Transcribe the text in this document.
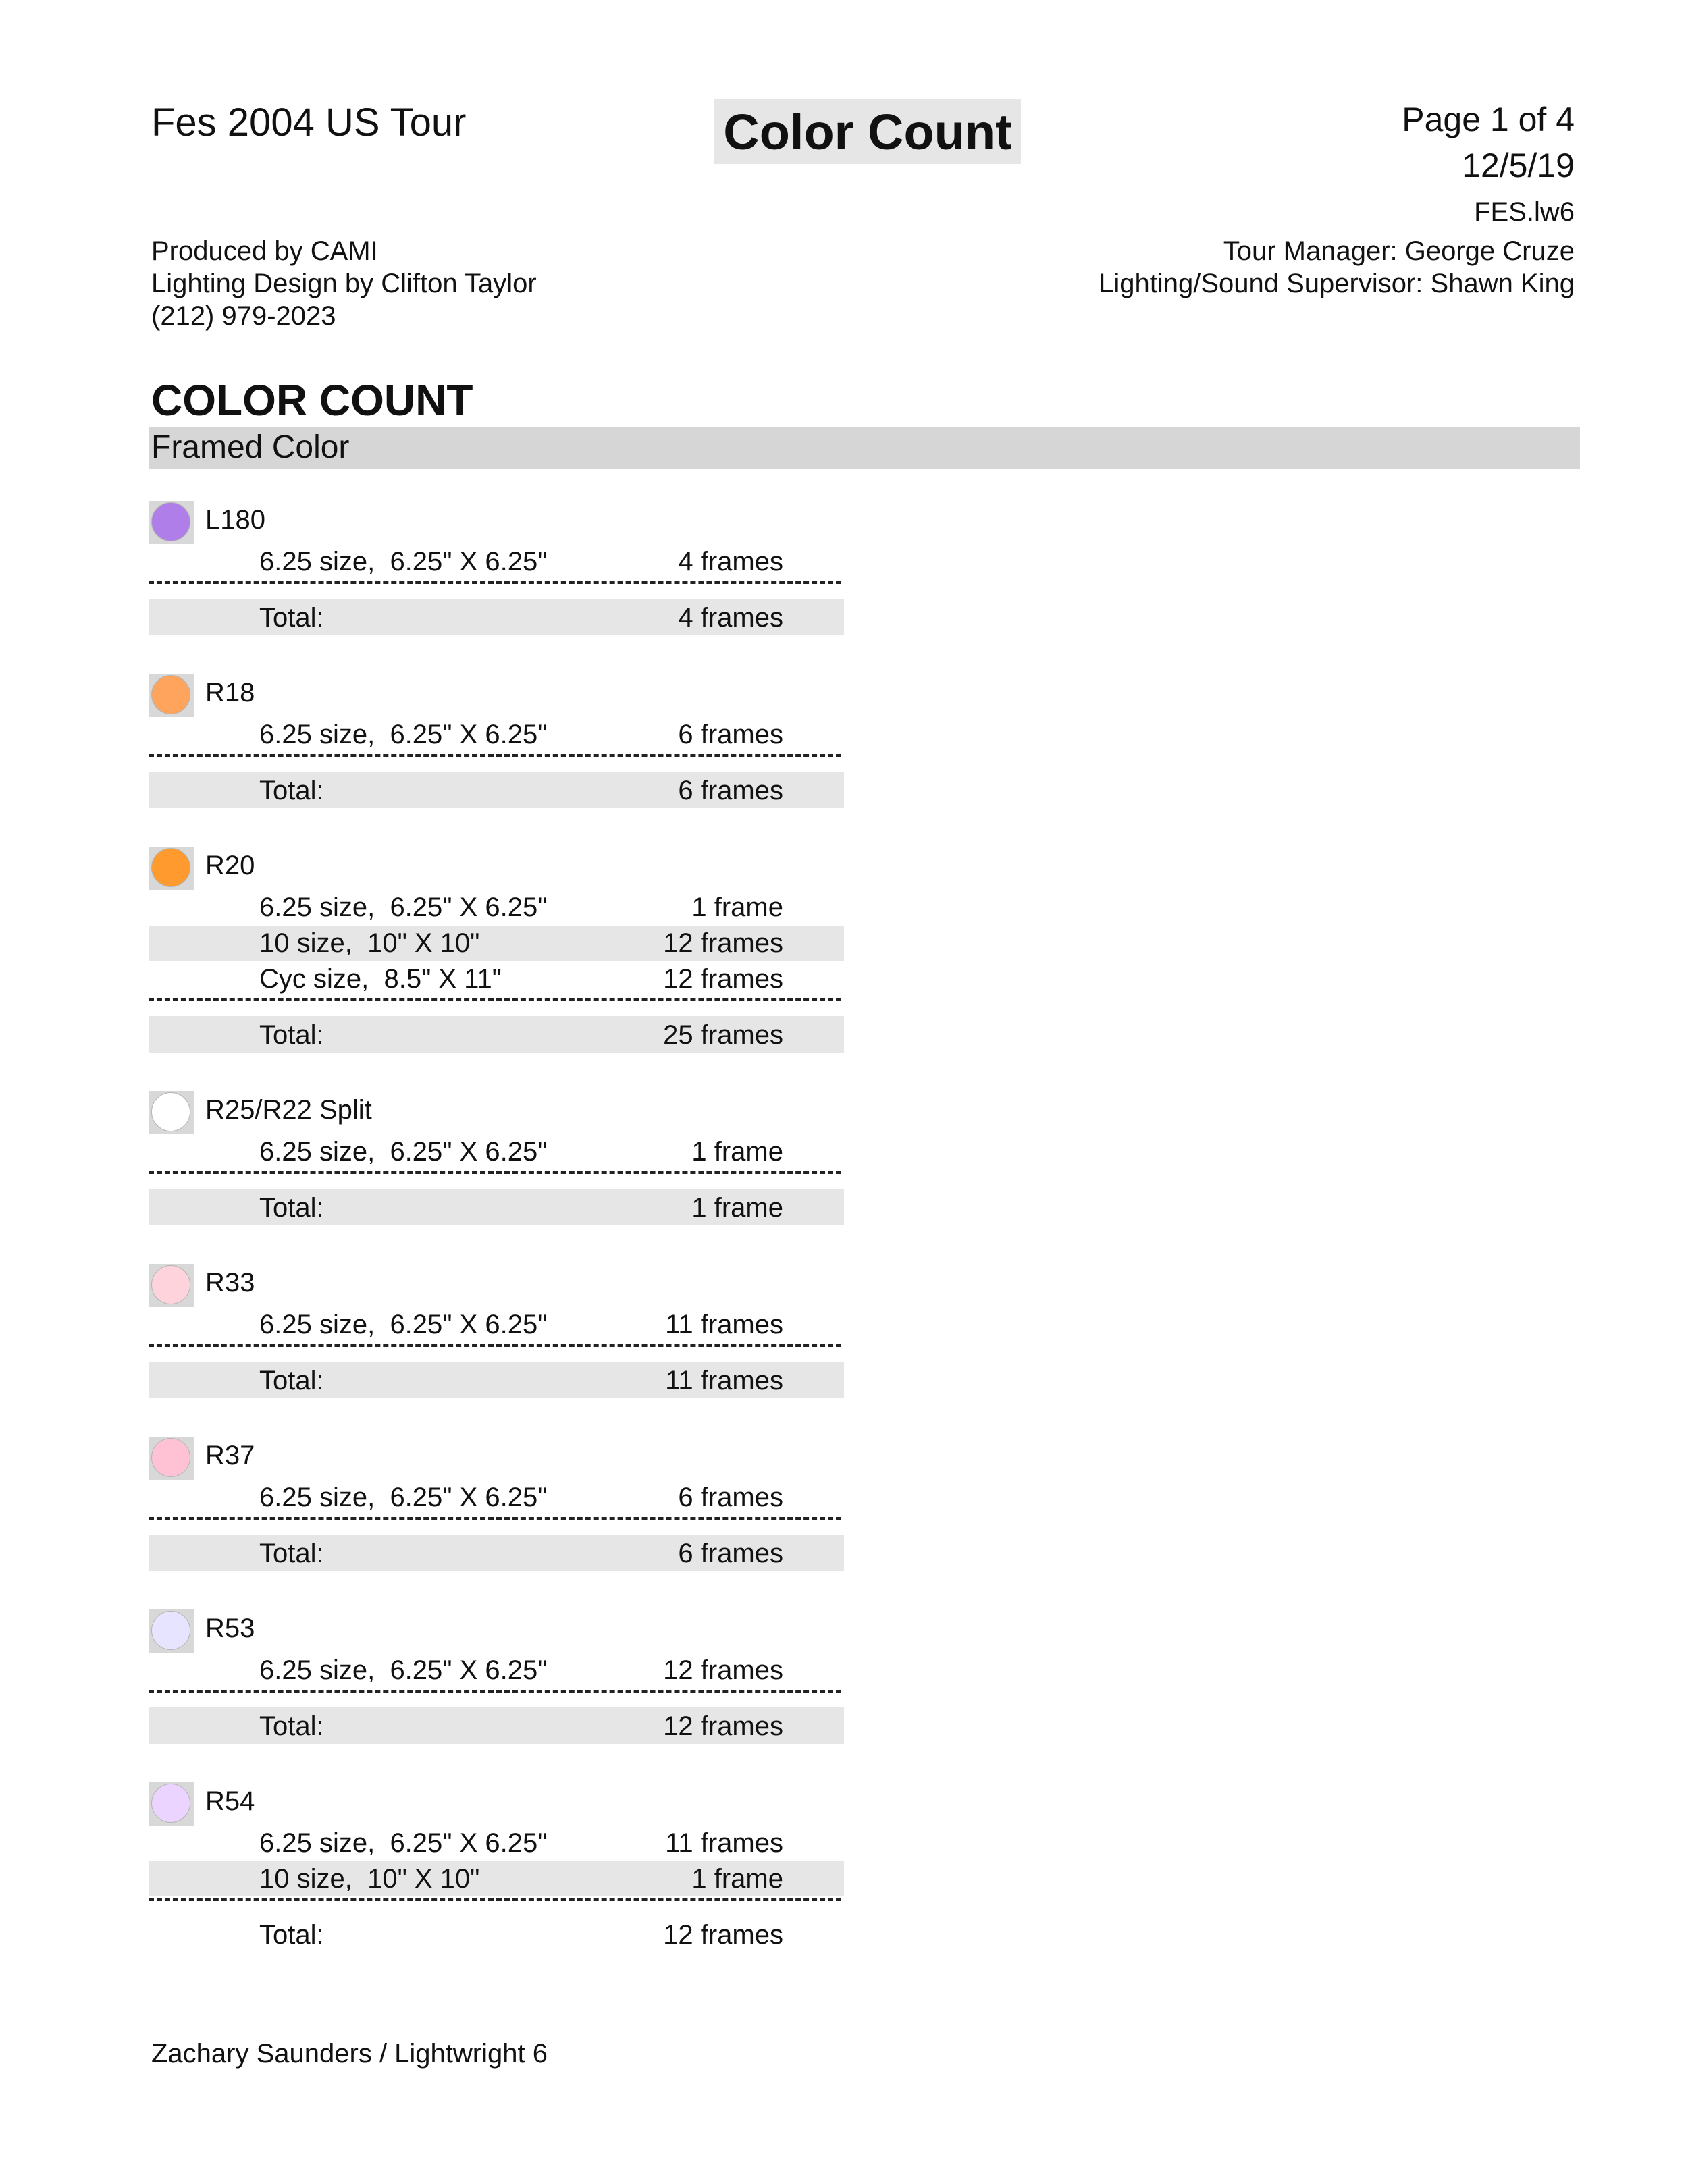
Fes 2004 US Tour	Color Count	Page 1 of 4
12/5/19
FES.lw6
Produced by CAMI
Lighting Design by Clifton Taylor
(212) 979-2023
Tour Manager: George Cruze
Lighting/Sound Supervisor: Shawn King
COLOR COUNT
Framed Color
L180
6.25 size,  6.25" X 6.25"	4 frames
Total:	4 frames
R18
6.25 size,  6.25" X 6.25"	6 frames
Total:	6 frames
R20
6.25 size,  6.25" X 6.25"	1 frame
10 size,  10" X 10"	12 frames
Cyc size,  8.5" X 11"	12 frames
Total:	25 frames
R25/R22 Split
6.25 size,  6.25" X 6.25"	1 frame
Total:	1 frame
R33
6.25 size,  6.25" X 6.25"	11 frames
Total:	11 frames
R37
6.25 size,  6.25" X 6.25"	6 frames
Total:	6 frames
R53
6.25 size,  6.25" X 6.25"	12 frames
Total:	12 frames
R54
6.25 size,  6.25" X 6.25"	11 frames
10 size,  10" X 10"	1 frame
Total:	12 frames
Zachary Saunders / Lightwright 6
